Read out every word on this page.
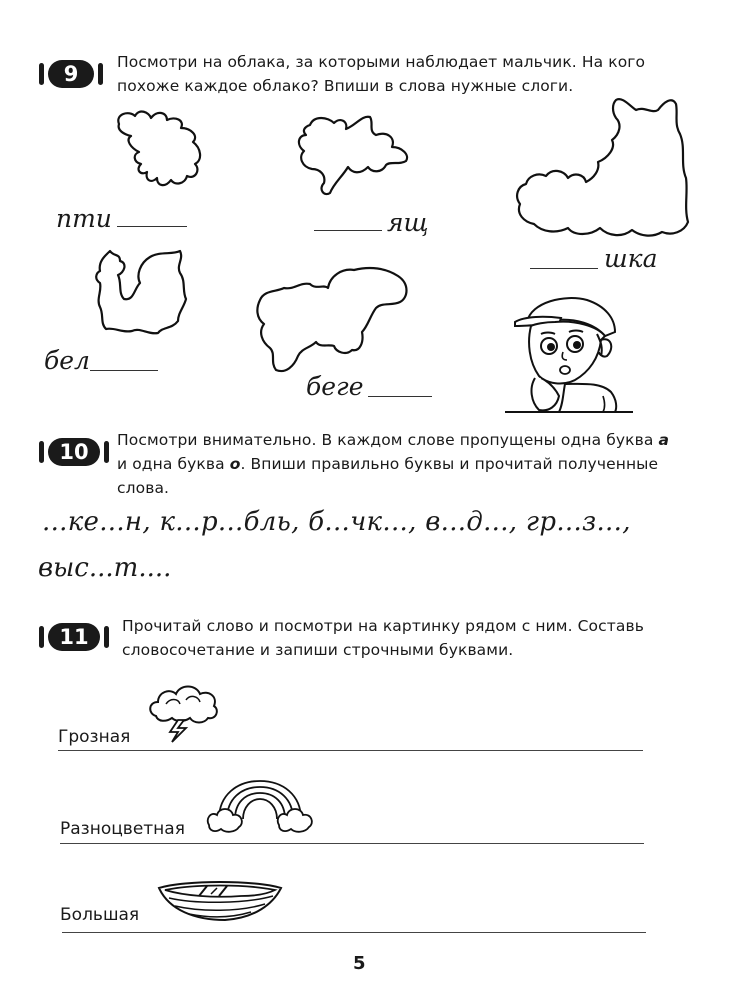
9	Посмотри на облака, за которыми наблюдает мальчик. На кого похоже каждое облако? Впиши в слова нужные слоги.
пти	ящ
шка
бел
беге
10	Посмотри внимательно. В каждом слове пропущены одна буква а и одна буква о. Впиши правильно буквы и прочитай полученные слова.
...ке...н, к...р...бль, б...чк..., в...д..., гр...з...,
выс...т....
11	Прочитай слово и посмотри на картинку рядом с ним. Составь словосочетание и запиши строчными буквами.
Грозная
Разноцветная
Большая
5
